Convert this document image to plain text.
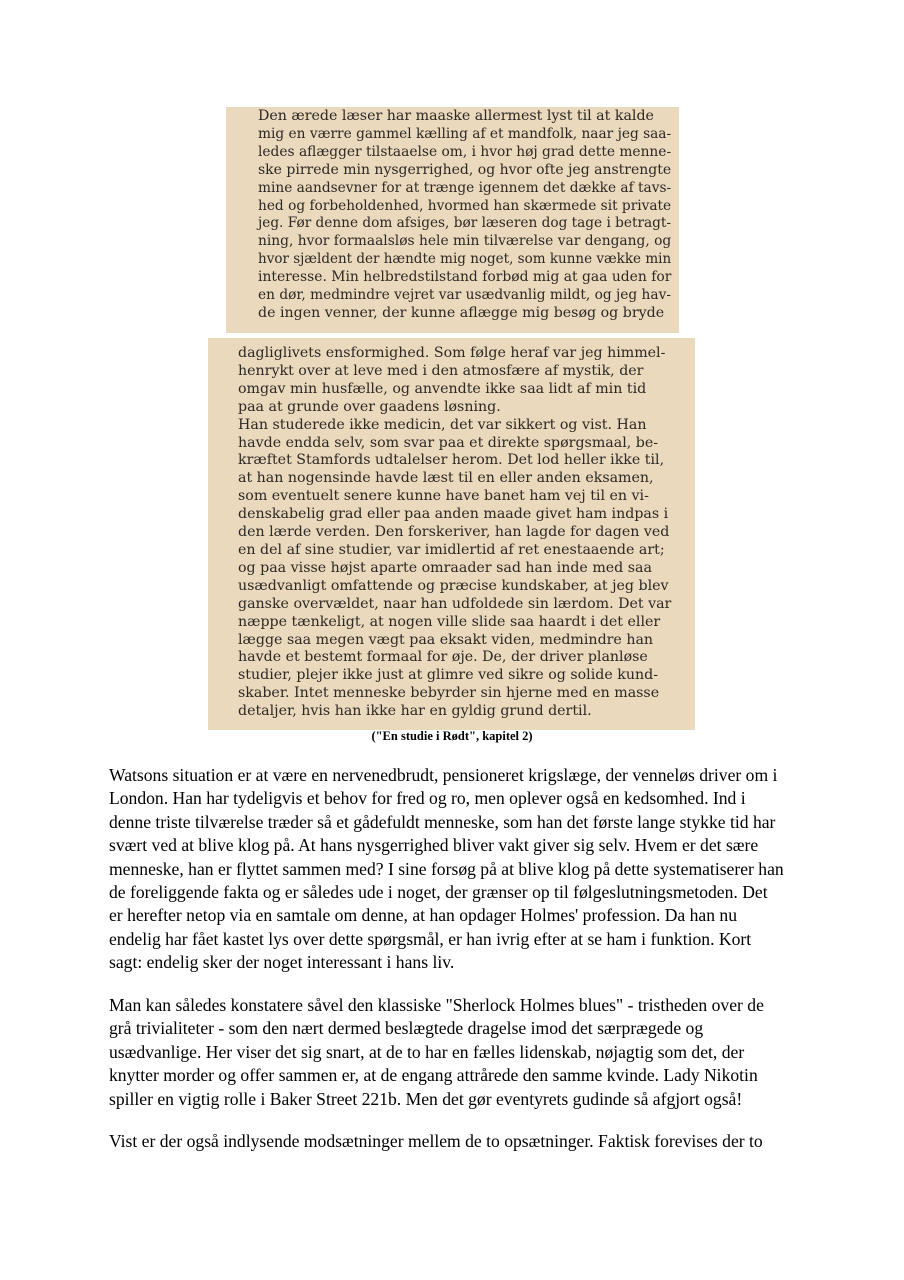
Den ærede læser har maaske allermest lyst til at kalde
mig en værre gammel kælling af et mandfolk, naar jeg saa-
ledes aflægger tilstaaelse om, i hvor høj grad dette menne-
ske pirrede min nysgerrighed, og hvor ofte jeg anstrengte
mine aandsevner for at trænge igennem det dække af tavs-
hed og forbeholdenhed, hvormed han skærmede sit private
jeg. Før denne dom afsiges, bør læseren dog tage i betragt-
ning, hvor formaalsløs hele min tilværelse var dengang, og
hvor sjældent der hændte mig noget, som kunne vække min
interesse. Min helbredstilstand forbød mig at gaa uden for
en dør, medmindre vejret var usædvanlig mildt, og jeg hav-
de ingen venner, der kunne aflægge mig besøg og bryde
dagliglivets ensformighed. Som følge heraf var jeg himmel-
henrykt over at leve med i den atmosfære af mystik, der
omgav min husfælle, og anvendte ikke saa lidt af min tid
paa at grunde over gaadens løsning.
Han studerede ikke medicin, det var sikkert og vist. Han
havde endda selv, som svar paa et direkte spørgsmaal, be-
kræftet Stamfords udtalelser herom. Det lod heller ikke til,
at han nogensinde havde læst til en eller anden eksamen,
som eventuelt senere kunne have banet ham vej til en vi-
denskabelig grad eller paa anden maade givet ham indpas i
den lærde verden. Den forskeriver, han lagde for dagen ved
en del af sine studier, var imidlertid af ret enestaaende art;
og paa visse højst aparte omraader sad han inde med saa
usædvanligt omfattende og præcise kundskaber, at jeg blev
ganske overvældet, naar han udfoldede sin lærdom. Det var
næppe tænkeligt, at nogen ville slide saa haardt i det eller
lægge saa megen vægt paa eksakt viden, medmindre han
havde et bestemt formaal for øje. De, der driver planløse
studier, plejer ikke just at glimre ved sikre og solide kund-
skaber. Intet menneske bebyrder sin hjerne med en masse
detaljer, hvis han ikke har en gyldig grund dertil.
("En studie i Rødt", kapitel 2)
Watsons situation er at være en nervenedbrudt, pensioneret krigslæge, der venneløs driver om i
London. Han har tydeligvis et behov for fred og ro, men oplever også en kedsomhed. Ind i
denne triste tilværelse træder så et gådefuldt menneske, som han det første lange stykke tid har
svært ved at blive klog på. At hans nysgerrighed bliver vakt giver sig selv. Hvem er det sære
menneske, han er flyttet sammen med? I sine forsøg på at blive klog på dette systematiserer han
de foreliggende fakta og er således ude i noget, der grænser op til følgeslutningsmetoden. Det
er herefter netop via en samtale om denne, at han opdager Holmes' profession. Da han nu
endelig har fået kastet lys over dette spørgsmål, er han ivrig efter at se ham i funktion. Kort
sagt: endelig sker der noget interessant i hans liv.
Man kan således konstatere såvel den klassiske "Sherlock Holmes blues" - tristheden over de
grå trivialiteter - som den nært dermed beslægtede dragelse imod det særprægede og
usædvanlige. Her viser det sig snart, at de to har en fælles lidenskab, nøjagtig som det, der
knytter morder og offer sammen er, at de engang attrårede den samme kvinde. Lady Nikotin
spiller en vigtig rolle i Baker Street 221b. Men det gør eventyrets gudinde så afgjort også!
Vist er der også indlysende modsætninger mellem de to opsætninger. Faktisk forevises der to
